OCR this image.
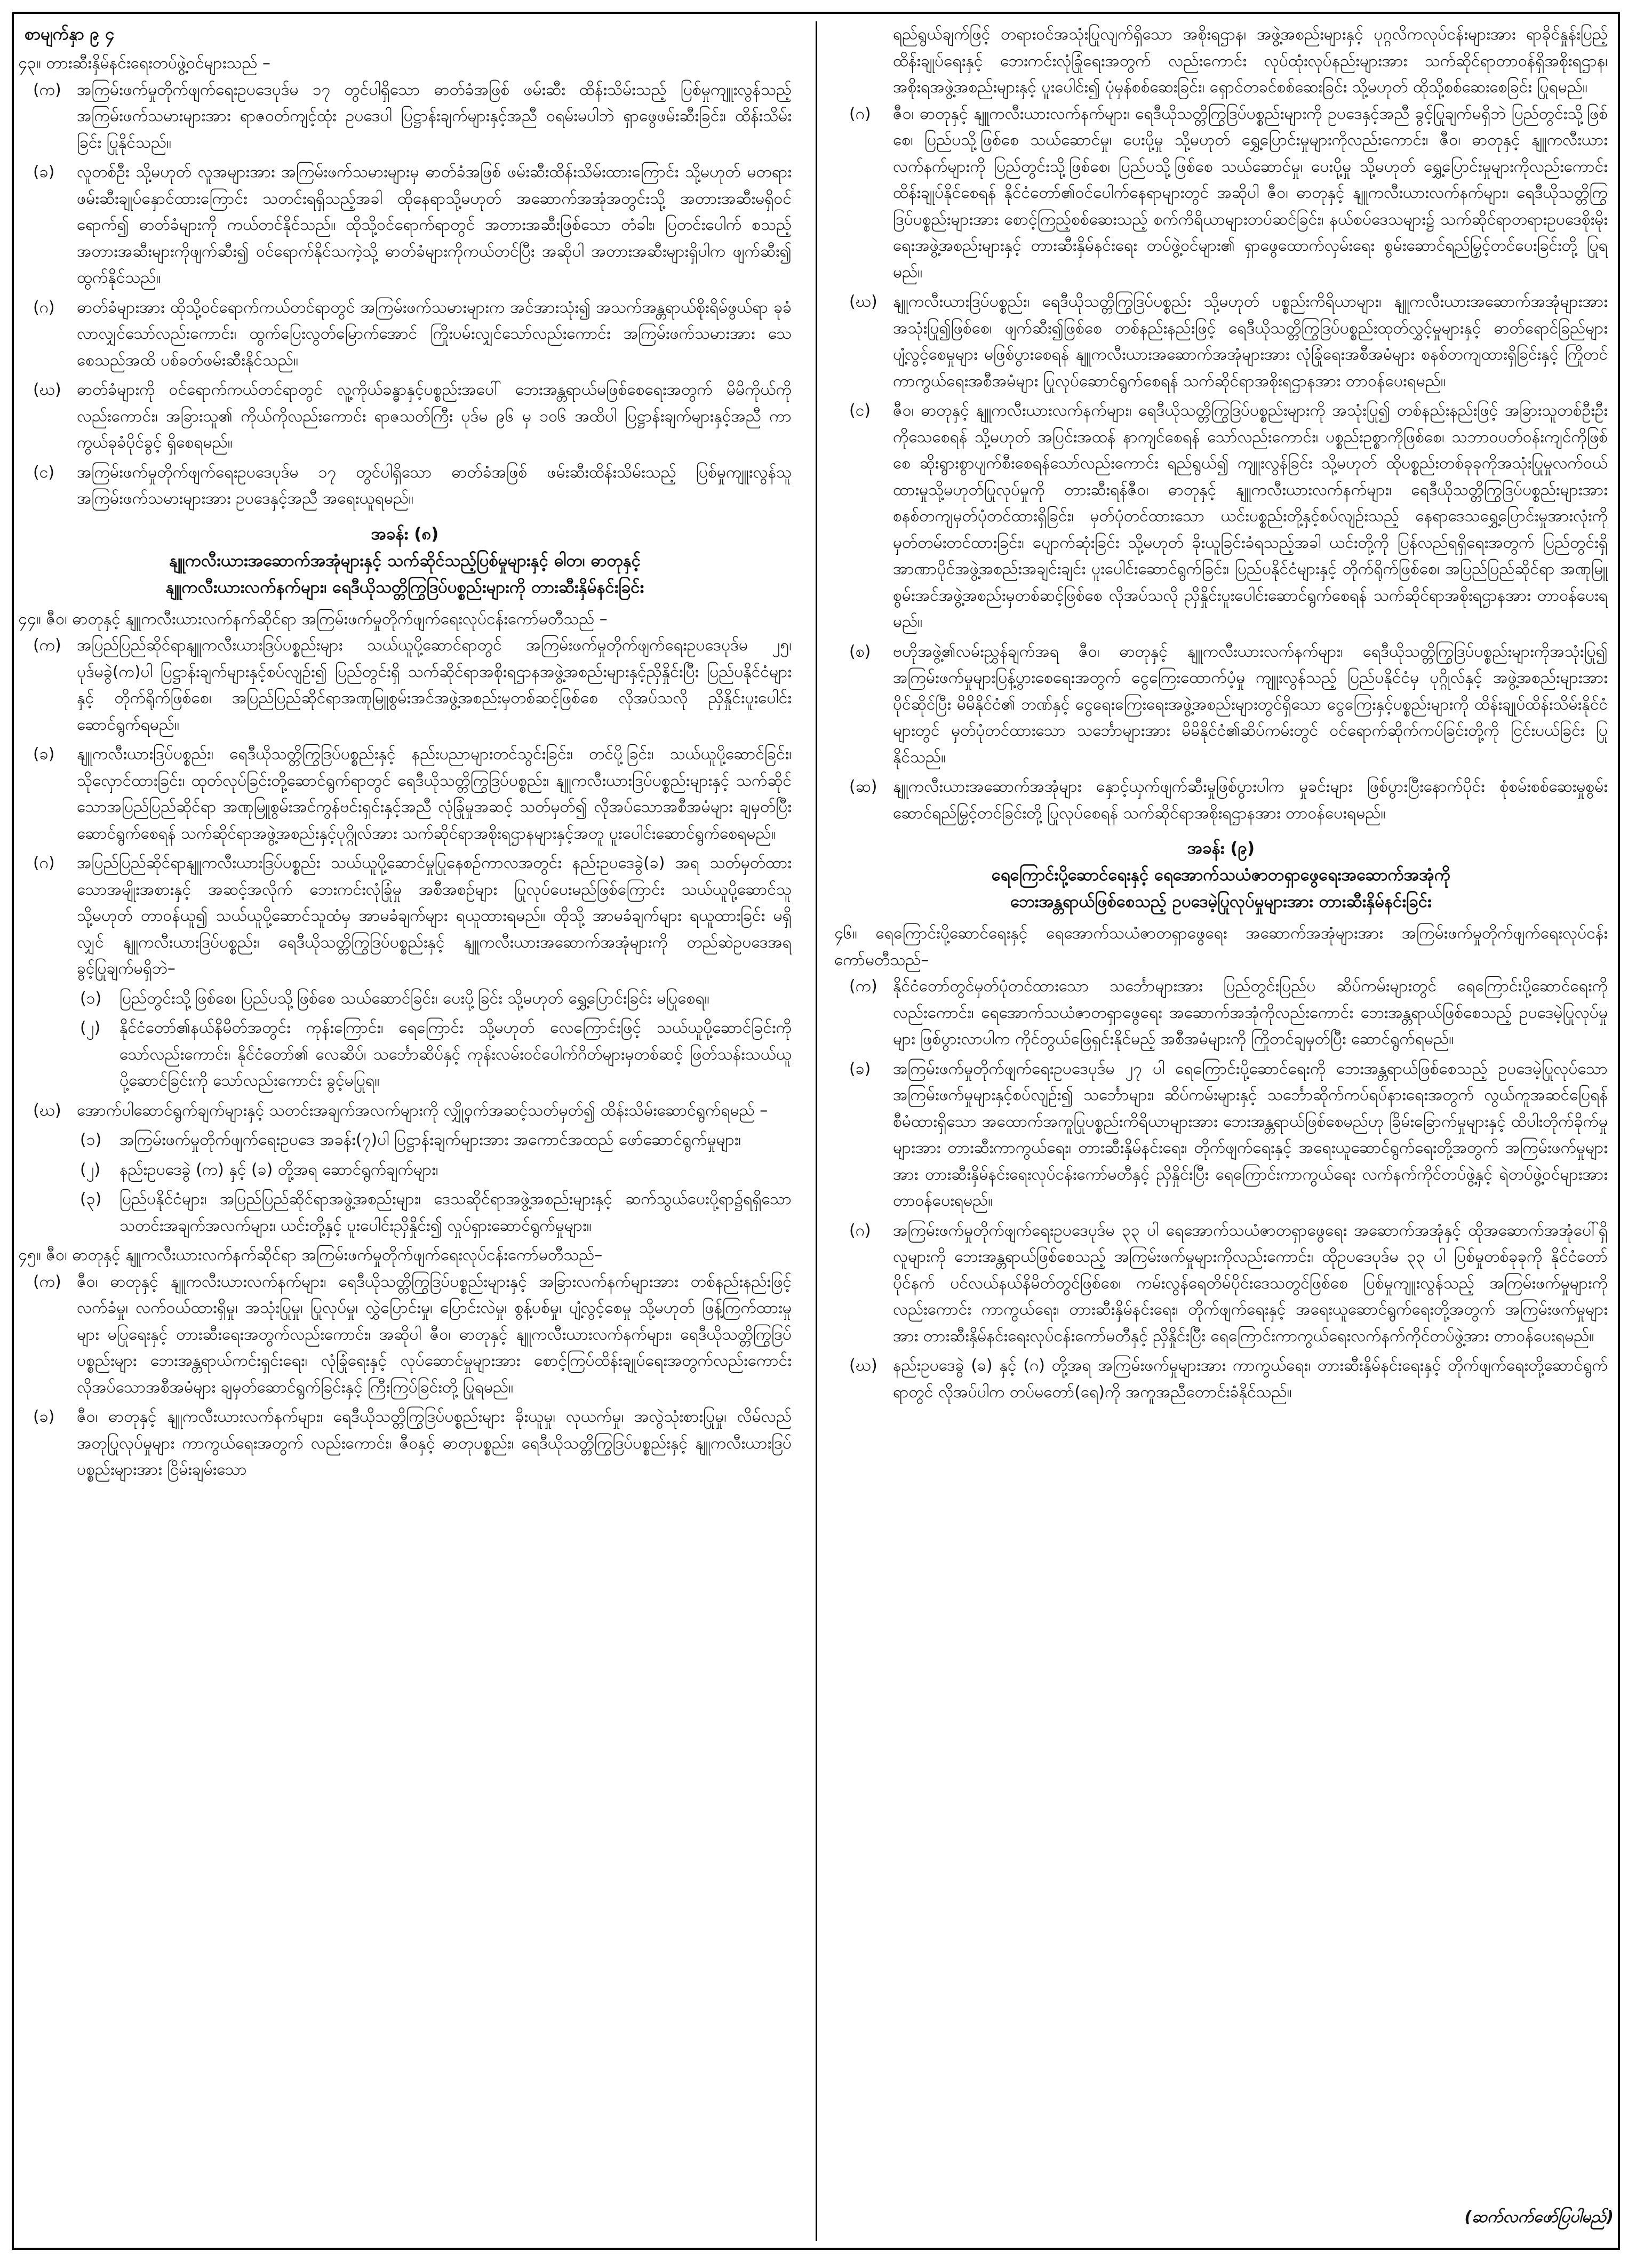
စာမျက်နှာ ၉ ၄

၄၃။ တားဆီးနှိမ်နင်းရေးတပ်ဖွဲ့ဝင်များသည် –

(က) အကြမ်းဖက်မှုတိုက်ဖျက်ရေးဥပဒေပုဒ်မ ၁၇ တွင်ပါရှိသော ဓာတ်ခံအဖြစ် ဖမ်းဆီး ထိန်းသိမ်းသည့် ပြစ်မှုကျူးလွန်သည့် အကြမ်းဖက်သမားများအား ရာဇဝတ်ကျင့်ထုံး ဥပဒေပါ ပြဋ္ဌာန်းချက်များနှင့်အညီ ဝရမ်းမပါဘဲ ရှာဖွေဖမ်းဆီးခြင်း၊ ထိန်းသိမ်းခြင်း ပြုနိုင်သည်။
(ခ)	လူတစ်ဦး သို့မဟုတ် လူအများအား အကြမ်းဖက်သမားများမှ ဓာတ်ခံအဖြစ် ဖမ်းဆီးထိန်းသိမ်းထားကြောင်း သို့မဟုတ် မတရားဖမ်းဆီးချုပ်နှောင်ထားကြောင်း သတင်းရရှိသည့်အခါ ထိုနေရာသို့မဟုတ် အဆောက်အအုံအတွင်းသို့ အတားအဆီးမရှိဝင်ရောက်၍ ဓာတ်ခံများကို ကယ်တင်နိုင်သည်။ ထိုသို့ဝင်ရောက်ရာတွင် အတားအဆီးဖြစ်သော တံခါး၊ ပြတင်းပေါက် စသည့် အတားအဆီးများကိုဖျက်ဆီး၍ ဝင်ရောက်နိုင်သကဲ့သို့ ဓာတ်ခံများကိုကယ်တင်ပြီး အဆိုပါ အတားအဆီးများရှိပါက ဖျက်ဆီး၍ ထွက်နိုင်သည်။
(ဂ)	ဓာတ်ခံများအား ထိုသို့ဝင်ရောက်ကယ်တင်ရာတွင် အကြမ်းဖက်သမားများက အင်အားသုံး၍ အသက်အန္တရာယ်စိုးရိမ်ဖွယ်ရာ ခုခံလာလျှင်သော်လည်းကောင်း၊ ထွက်ပြေးလွတ်မြောက်အောင် ကြိုးပမ်းလျှင်သော်လည်းကောင်း အကြမ်းဖက်သမားအား သေစေသည်အထိ ပစ်ခတ်ဖမ်းဆီးနိုင်သည်။
(ဃ) ဓာတ်ခံများကို ဝင်ရောက်ကယ်တင်ရာတွင် လူ့ကိုယ်ခန္ဓာနှင့်ပစ္စည်းအပေါ် ဘေးအန္တရာယ်မဖြစ်စေရေးအတွက် မိမိကိုယ်ကိုလည်းကောင်း၊ အခြားသူ၏ ကိုယ်ကိုလည်းကောင်း ရာဇသတ်ကြီး ပုဒ်မ ၉၆ မှ ၁၀၆ အထိပါ ပြဋ္ဌာန်းချက်များနှင့်အညီ ကာကွယ်ခုခံပိုင်ခွင့် ရှိစေရမည်။
(င)	အကြမ်းဖက်မှုတိုက်ဖျက်ရေးဥပဒေပုဒ်မ ၁၇ တွင်ပါရှိသော ဓာတ်ခံအဖြစ် ဖမ်းဆီးထိန်းသိမ်းသည့် ပြစ်မှုကျူးလွန်သူအကြမ်းဖက်သမားများအား ဥပဒေနှင့်အညီ အရေးယူရမည်။
အခန်း (၈)
နျူကလီးယားအဆောက်အအုံများနှင့် သက်ဆိုင်သည့်ပြစ်မှုများနှင့် ဓါတ၊ ဓာတုနှင့်
နျူကလီးယားလက်နက်များ၊ ရေဒီယိုသတ္တိကြွဒြပ်ပစ္စည်းများကို တားဆီးနှိမ်နင်းခြင်း

၄၄။ ဇီဝ၊ ဓာတုနှင့် နျူကလီးယားလက်နက်ဆိုင်ရာ အကြမ်းဖက်မှုတိုက်ဖျက်ရေးလုပ်ငန်းကော်မတီသည် –

(က) အပြည်ပြည်ဆိုင်ရာနျူကလီးယားဒြပ်ပစ္စည်းများ သယ်ယူပို့ဆောင်ရာတွင် အကြမ်းဖက်မှုတိုက်ဖျက်ရေးဥပဒေပုဒ်မ ၂၅၊ ပုဒ်မခွဲ(က)ပါ ပြဋ္ဌာန်းချက်များနှင့်စပ်လျဉ်း၍ ပြည်တွင်းရှိ သက်ဆိုင်ရာအစိုးရဌာနအဖွဲ့အစည်းများနှင့်ညှိနှိုင်းပြီး ပြည်ပနိုင်ငံများနှင့် တိုက်ရိုက်ဖြစ်စေ၊ အပြည်ပြည်ဆိုင်ရာအဏုမြူစွမ်းအင်အဖွဲ့အစည်းမှတစ်ဆင့်ဖြစ်စေ လိုအပ်သလို ညှိနှိုင်းပူးပေါင်းဆောင်ရွက်ရမည်။
(ခ)	နျူကလီးယားဒြပ်ပစ္စည်း၊ ရေဒီယိုသတ္တိကြွဒြပ်ပစ္စည်းနှင့် နည်းပညာများတင်သွင်းခြင်း၊ တင်ပို့ခြင်း၊ သယ်ယူပို့ဆောင်ခြင်း၊ သိုလှောင်ထားခြင်း၊ ထုတ်လုပ်ခြင်းတို့ဆောင်ရွက်ရာတွင် ရေဒီယိုသတ္တိကြွဒြပ်ပစ္စည်း၊ နျူကလီးယားဒြပ်ပစ္စည်းများနှင့် သက်ဆိုင်သောအပြည်ပြည်ဆိုင်ရာ အဏုမြူစွမ်းအင်ကွန်ဗင်းရှင်းနှင့်အညီ လုံခြုံမှုအဆင့် သတ်မှတ်၍ လိုအပ်သောအစီအမံများ ချမှတ်ပြီး ဆောင်ရွက်စေရန် သက်ဆိုင်ရာအဖွဲ့အစည်းနှင့်ပုဂ္ဂိုလ်အား သက်ဆိုင်ရာအစိုးရဌာနများနှင့်အတူ ပူးပေါင်းဆောင်ရွက်စေရမည်။
(ဂ)	အပြည်ပြည်ဆိုင်ရာနျူကလီးယားဒြပ်ပစ္စည်း သယ်ယူပို့ဆောင်မှုပြုနေစဉ်ကာလအတွင်း နည်းဥပဒေခွဲ(ခ) အရ သတ်မှတ်ထားသောအမျိုးအစားနှင့် အဆင့်အလိုက် ဘေးကင်းလုံခြုံမှု အစီအစဉ်များ ပြုလုပ်ပေးမည်ဖြစ်ကြောင်း သယ်ယူပို့ဆောင်သူ သို့မဟုတ် တာဝန်ယူ၍ သယ်ယူပို့ဆောင်သူထံမှ အာမခံချက်များ ရယူထားရမည်။ ထိုသို့ အာမခံချက်များ ရယူထားခြင်း မရှိလျှင် နျူကလီးယားဒြပ်ပစ္စည်း၊ ရေဒီယိုသတ္တိကြွဒြပ်ပစ္စည်းနှင့် နျူကလီးယားအဆောက်အအုံများကို တည်ဆဲဥပဒေအရ ခွင့်ပြုချက်မရှိဘဲ–
(၁)	ပြည်တွင်းသို့ဖြစ်စေ၊ ပြည်ပသို့ဖြစ်စေ သယ်ဆောင်ခြင်း၊ ပေးပို့ခြင်း သို့မဟုတ် ရွှေ့ပြောင်းခြင်း မပြုစေရ။
(၂)	နိုင်ငံတော်၏နယ်နိမိတ်အတွင်း ကုန်းကြောင်း၊ ရေကြောင်း သို့မဟုတ် လေကြောင်းဖြင့် သယ်ယူပို့ဆောင်ခြင်းကိုသော်လည်းကောင်း၊ နိုင်ငံတော်၏ လေဆိပ်၊ သင်္ဘောဆိပ်နှင့် ကုန်းလမ်းဝင်ပေါက်ဂိတ်များမှတစ်ဆင့် ဖြတ်သန်းသယ်ယူပို့ဆောင်ခြင်းကို သော်လည်းကောင်း ခွင့်မပြုရ။
(ဃ) အောက်ပါဆောင်ရွက်ချက်များနှင့် သတင်းအချက်အလက်များကို လျှို့ဝှက်အဆင့်သတ်မှတ်၍ ထိန်းသိမ်းဆောင်ရွက်ရမည် –
(၁)	အကြမ်းဖက်မှုတိုက်ဖျက်ရေးဥပဒေ အခန်း(၇)ပါ ပြဋ္ဌာန်းချက်များအား အကောင်အထည် ဖော်ဆောင်ရွက်မှုများ၊
(၂)	နည်းဥပဒေခွဲ (က) နှင့် (ခ) တို့အရ ဆောင်ရွက်ချက်များ၊
(၃)	ပြည်ပနိုင်ငံများ၊ အပြည်ပြည်ဆိုင်ရာအဖွဲ့အစည်းများ၊ ဒေသဆိုင်ရာအဖွဲ့အစည်းများနှင့် ဆက်သွယ်ပေးပို့ရာ၌ရရှိသော သတင်းအချက်အလက်များ၊ ယင်းတို့နှင့် ပူးပေါင်းညှိနှိုင်း၍ လှုပ်ရှားဆောင်ရွက်မှုများ။

၄၅။ ဇီဝ၊ ဓာတုနှင့် နျူကလီးယားလက်နက်ဆိုင်ရာ အကြမ်းဖက်မှုတိုက်ဖျက်ရေးလုပ်ငန်းကော်မတီသည်–

(က) ဇီဝ၊ ဓာတုနှင့် နျူကလီးယားလက်နက်များ၊ ရေဒီယိုသတ္တိကြွဒြပ်ပစ္စည်းများနှင့် အခြားလက်နက်များအား တစ်နည်းနည်းဖြင့် လက်ခံမှု၊ လက်ဝယ်ထားရှိမှု၊ အသုံးပြုမှု၊ ပြုလုပ်မှု၊ လွှဲပြောင်းမှု၊ ပြောင်းလဲမှု၊ စွန့်ပစ်မှု၊ ပျံ့လွင့်စေမှု သို့မဟုတ် ဖြန့်ကြက်ထားမှုများ မပြုရေးနှင့် တားဆီးရေးအတွက်လည်းကောင်း၊ အဆိုပါ ဇီဝ၊ ဓာတုနှင့် နျူကလီးယားလက်နက်များ၊ ရေဒီယိုသတ္တိကြွဒြပ်ပစ္စည်းများ ဘေးအန္တရာယ်ကင်းရှင်းရေး၊ လုံခြုံရေးနှင့် လုပ်ဆောင်မှုများအား စောင့်ကြပ်ထိန်းချုပ်ရေးအတွက်လည်းကောင်း လိုအပ်သောအစီအမံများ ချမှတ်ဆောင်ရွက်ခြင်းနှင့် ကြီးကြပ်ခြင်းတို့ ပြုရမည်။
(ခ)	ဇီဝ၊ ဓာတုနှင့် နျူကလီးယားလက်နက်များ၊ ရေဒီယိုသတ္တိကြွဒြပ်ပစ္စည်းများ ခိုးယူမှု၊ လုယက်မှု၊ အလွဲသုံးစားပြုမှု၊ လိမ်လည်အတုပြုလုပ်မှုများ ကာကွယ်ရေးအတွက် လည်းကောင်း၊ ဇီဝနှင့် ဓာတုပစ္စည်း၊ ရေဒီယိုသတ္တိကြွဒြပ်ပစ္စည်းနှင့် နျူကလီးယားဒြပ်ပစ္စည်းများအား ငြိမ်းချမ်းသော

ရည်ရွယ်ချက်ဖြင့် တရားဝင်အသုံးပြုလျက်ရှိသော အစိုးရဌာန၊ အဖွဲ့အစည်းများနှင့် ပုဂ္ဂလိကလုပ်ငန်းများအား ရာခိုင်နှုန်းပြည့်ထိန်းချုပ်ရေးနှင့် ဘေးကင်းလုံခြုံရေးအတွက် လည်းကောင်း လုပ်ထုံးလုပ်နည်းများအား သက်ဆိုင်ရာတာဝန်ရှိအစိုးရဌာန၊ အစိုးရအဖွဲ့အစည်းများနှင့် ပူးပေါင်း၍ ပုံမှန်စစ်ဆေးခြင်း၊ ရှောင်တခင်စစ်ဆေးခြင်း သို့မဟုတ် ထိုသို့စစ်ဆေးစေခြင်း ပြုရမည်။

(ဂ)	ဇီဝ၊ ဓာတုနှင့် နျူကလီးယားလက်နက်များ၊ ရေဒီယိုသတ္တိကြွဒြပ်ပစ္စည်းများကို ဥပဒေနှင့်အညီ ခွင့်ပြုချက်မရှိဘဲ ပြည်တွင်းသို့ဖြစ်စေ၊ ပြည်ပသို့ဖြစ်စေ သယ်ဆောင်မှု၊ ပေးပို့မှု သို့မဟုတ် ရွှေ့ပြောင်းမှုများကိုလည်းကောင်း၊ ဇီဝ၊ ဓာတုနှင့် နျူကလီးယားလက်နက်များကို ပြည်တွင်းသို့ဖြစ်စေ၊ ပြည်ပသို့ဖြစ်စေ သယ်ဆောင်မှု၊ ပေးပို့မှု သို့မဟုတ် ရွှေ့ပြောင်းမှုများကိုလည်းကောင်း ထိန်းချုပ်နိုင်စေရန် နိုင်ငံတော်၏ဝင်ပေါက်နေရာများတွင် အဆိုပါ ဇီဝ၊ ဓာတုနှင့် နျူကလီးယားလက်နက်များ၊ ရေဒီယိုသတ္တိကြွဒြပ်ပစ္စည်းများအား စောင့်ကြည့်စစ်ဆေးသည့် စက်ကိရိယာများတပ်ဆင်ခြင်း၊ နယ်စပ်ဒေသများ၌ သက်ဆိုင်ရာတရားဥပဒေစိုးမိုးရေးအဖွဲ့အစည်းများနှင့် တားဆီးနှိမ်နင်းရေး တပ်ဖွဲ့ဝင်များ၏ ရှာဖွေထောက်လှမ်းရေး စွမ်းဆောင်ရည်မြှင့်တင်ပေးခြင်းတို့ ပြုရမည်။
(ဃ) နျူကလီးယားဒြပ်ပစ္စည်း၊ ရေဒီယိုသတ္တိကြွဒြပ်ပစ္စည်း သို့မဟုတ် ပစ္စည်းကိရိယာများ၊ နျူကလီးယားအဆောက်အအုံများအား အသုံးပြု၍ဖြစ်စေ၊ ဖျက်ဆီး၍ဖြစ်စေ တစ်နည်းနည်းဖြင့် ရေဒီယိုသတ္တိကြွဒြပ်ပစ္စည်းထုတ်လွှင့်မှုများနှင့် ဓာတ်ရောင်ခြည်များ ပျံ့လွင့်စေမှုများ မဖြစ်ပွားစေရန် နျူကလီးယားအဆောက်အအုံများအား လုံခြုံရေးအစီအမံများ စနစ်တကျထားရှိခြင်းနှင့် ကြိုတင်ကာကွယ်ရေးအစီအမံများ ပြုလုပ်ဆောင်ရွက်စေရန် သက်ဆိုင်ရာအစိုးရဌာနအား တာဝန်ပေးရမည်။
(င)	ဇီဝ၊ ဓာတုနှင့် နျူကလီးယားလက်နက်များ၊ ရေဒီယိုသတ္တိကြွဒြပ်ပစ္စည်းများကို အသုံးပြု၍ တစ်နည်းနည်းဖြင့် အခြားသူတစ်ဦးဦးကိုသေစေရန် သို့မဟုတ် အပြင်းအထန် နာကျင်စေရန် သော်လည်းကောင်း၊ ပစ္စည်းဥစ္စာကိုဖြစ်စေ၊ သဘာဝပတ်ဝန်းကျင်ကိုဖြစ်စေ ဆိုးရွားစွာပျက်စီးစေရန်သော်လည်းကောင်း ရည်ရွယ်၍ ကျူးလွန်ခြင်း သို့မဟုတ် ထိုပစ္စည်းတစ်ခုခုကိုအသုံးပြုမှုလက်ဝယ်ထားမှုသို့မဟုတ်ပြုလုပ်မှုကို တားဆီးရန်ဇီဝ၊ ဓာတုနှင့် နျူကလီးယားလက်နက်များ၊ ရေဒီယိုသတ္တိကြွဒြပ်ပစ္စည်းများအား စနစ်တကျမှတ်ပုံတင်ထားရှိခြင်း၊ မှတ်ပုံတင်ထားသော ယင်းပစ္စည်းတို့နှင့်စပ်လျဉ်းသည့် နေရာဒေသရွှေ့ပြောင်းမှုအားလုံးကို မှတ်တမ်းတင်ထားခြင်း၊ ပျောက်ဆုံးခြင်း သို့မဟုတ် ခိုးယူခြင်းခံရသည့်အခါ ယင်းတို့ကို ပြန်လည်ရရှိရေးအတွက် ပြည်တွင်းရှိ အာဏာပိုင်အဖွဲ့အစည်းအချင်းချင်း ပူးပေါင်းဆောင်ရွက်ခြင်း၊ ပြည်ပနိုင်ငံများနှင့် တိုက်ရိုက်ဖြစ်စေ၊ အပြည်ပြည်ဆိုင်ရာ အဏုမြူစွမ်းအင်အဖွဲ့အစည်းမှတစ်ဆင့်ဖြစ်စေ လိုအပ်သလို ညှိနှိုင်းပူးပေါင်းဆောင်ရွက်စေရန် သက်ဆိုင်ရာအစိုးရဌာနအား တာဝန်ပေးရမည်။
(စ)	ဗဟိုအဖွဲ့၏လမ်းညွှန်ချက်အရ ဇီဝ၊ ဓာတုနှင့် နျူကလီးယားလက်နက်များ၊ ရေဒီယိုသတ္တိကြွဒြပ်ပစ္စည်းများကိုအသုံးပြု၍ အကြမ်းဖက်မှုများပြန့်ပွားစေရေးအတွက် ငွေကြေးထောက်ပံ့မှု ကျူးလွန်သည့် ပြည်ပနိုင်ငံမှ ပုဂ္ဂိုလ်နှင့် အဖွဲ့အစည်းများအား ပိုင်ဆိုင်ပြီး မိမိနိုင်ငံ၏ ဘဏ်နှင့် ငွေရေးကြေးရေးအဖွဲ့အစည်းများတွင်ရှိသော ငွေကြေးနှင့်ပစ္စည်းများကို ထိန်းချုပ်ထိန်းသိမ်းနိုင်ငံများတွင် မှတ်ပုံတင်ထားသော သင်္ဘောများအား မိမိနိုင်ငံ၏ဆိပ်ကမ်းတွင် ဝင်ရောက်ဆိုက်ကပ်ခြင်းတို့ကို ငြင်းပယ်ခြင်း ပြုနိုင်သည်။
(ဆ) နျူကလီးယားအဆောက်အအုံများ နှောင့်ယှက်ဖျက်ဆီးမှုဖြစ်ပွားပါက မှုခင်းများ ဖြစ်ပွားပြီးနောက်ပိုင်း စုံစမ်းစစ်ဆေးမှုစွမ်းဆောင်ရည်မြှင့်တင်ခြင်းတို့ ပြုလုပ်စေရန် သက်ဆိုင်ရာအစိုးရဌာနအား တာဝန်ပေးရမည်။
အခန်း (၉)
ရေကြောင်းပို့ဆောင်ရေးနှင့် ရေအောက်သယံဇာတရှာဖွေရေးအဆောက်အအုံကို
ဘေးအန္တရာယ်ဖြစ်စေသည့် ဥပဒေမဲ့ပြုလုပ်မှုများအား တားဆီးနှိမ်နင်းခြင်း

၄၆။ ရေကြောင်းပို့ဆောင်ရေးနှင့် ရေအောက်သယံဇာတရှာဖွေရေး အဆောက်အအုံများအား အကြမ်းဖက်မှုတိုက်ဖျက်ရေးလုပ်ငန်းကော်မတီသည်–

(က) နိုင်ငံတော်တွင်မှတ်ပုံတင်ထားသော သင်္ဘောများအား ပြည်တွင်းပြည်ပ ဆိပ်ကမ်းများတွင် ရေကြောင်းပို့ဆောင်ရေးကိုလည်းကောင်း၊ ရေအောက်သယံဇာတရှာဖွေရေး အဆောက်အအုံကိုလည်းကောင်း ဘေးအန္တရာယ်ဖြစ်စေသည့် ဥပဒေမဲ့ပြုလုပ်မှုများ ဖြစ်ပွားလာပါက ကိုင်တွယ်ဖြေရှင်းနိုင်မည့် အစီအမံများကို ကြိုတင်ချမှတ်ပြီး ဆောင်ရွက်ရမည်။
(ခ)	အကြမ်းဖက်မှုတိုက်ဖျက်ရေးဥပဒေပုဒ်မ ၂၇ ပါ ရေကြောင်းပို့ဆောင်ရေးကို ဘေးအန္တရာယ်ဖြစ်စေသည့် ဥပဒေမဲ့ပြုလုပ်သော အကြမ်းဖက်မှုများနှင့်စပ်လျဉ်း၍ သင်္ဘောများ၊ ဆိပ်ကမ်းများနှင့် သင်္ဘောဆိုက်ကပ်ရပ်နားရေးအတွက် လွယ်ကူအဆင်ပြေရန် စီမံထားရှိသော အထောက်အကူပြုပစ္စည်းကိရိယာများအား ဘေးအန္တရာယ်ဖြစ်စေမည်ဟု ခြိမ်းခြောက်မှုများနှင့် ထိပါးတိုက်ခိုက်မှုများအား တားဆီးကာကွယ်ရေး၊ တားဆီးနှိမ်နင်းရေး၊ တိုက်ဖျက်ရေးနှင့် အရေးယူဆောင်ရွက်ရေးတို့အတွက် အကြမ်းဖက်မှုများအား တားဆီးနှိမ်နင်းရေးလုပ်ငန်းကော်မတီနှင့် ညှိနှိုင်းပြီး ရေကြောင်းကာကွယ်ရေး လက်နက်ကိုင်တပ်ဖွဲ့နှင့် ရဲတပ်ဖွဲ့ဝင်များအား တာဝန်ပေးရမည်။
(ဂ)	အကြမ်းဖက်မှုတိုက်ဖျက်ရေးဥပဒေပုဒ်မ ၃၃ ပါ ရေအောက်သယံဇာတရှာဖွေရေး အဆောက်အအုံနှင့် ထိုအဆောက်အအုံပေါ်ရှိ လူများကို ဘေးအန္တရာယ်ဖြစ်စေသည့် အကြမ်းဖက်မှုများကိုလည်းကောင်း၊ ထိုဥပဒေပုဒ်မ ၃၃ ပါ ပြစ်မှုတစ်ခုခုကို နိုင်ငံတော်ပိုင်နက် ပင်လယ်နယ်နိမိတ်တွင်ဖြစ်စေ၊ ကမ်းလွန်ရေတိမ်ပိုင်းဒေသတွင်ဖြစ်စေ ပြစ်မှုကျူးလွန်သည့် အကြမ်းဖက်မှုများကိုလည်းကောင်း ကာကွယ်ရေး၊ တားဆီးနှိမ်နင်းရေး၊ တိုက်ဖျက်ရေးနှင့် အရေးယူဆောင်ရွက်ရေးတို့အတွက် အကြမ်းဖက်မှုများအား တားဆီးနှိမ်နင်းရေးလုပ်ငန်းကော်မတီနှင့် ညှိနှိုင်းပြီး ရေကြောင်းကာကွယ်ရေးလက်နက်ကိုင်တပ်ဖွဲ့အား တာဝန်ပေးရမည်။
(ဃ) နည်းဥပဒေခွဲ (ခ) နှင့် (ဂ) တို့အရ အကြမ်းဖက်မှုများအား ကာကွယ်ရေး၊ တားဆီးနှိမ်နင်းရေးနှင့် တိုက်ဖျက်ရေးတို့ဆောင်ရွက်ရာတွင် လိုအပ်ပါက တပ်မတော်(ရေ)ကို အကူအညီတောင်းခံနိုင်သည်။
(ဆက်လက်ဖော်ပြပါမည်)
